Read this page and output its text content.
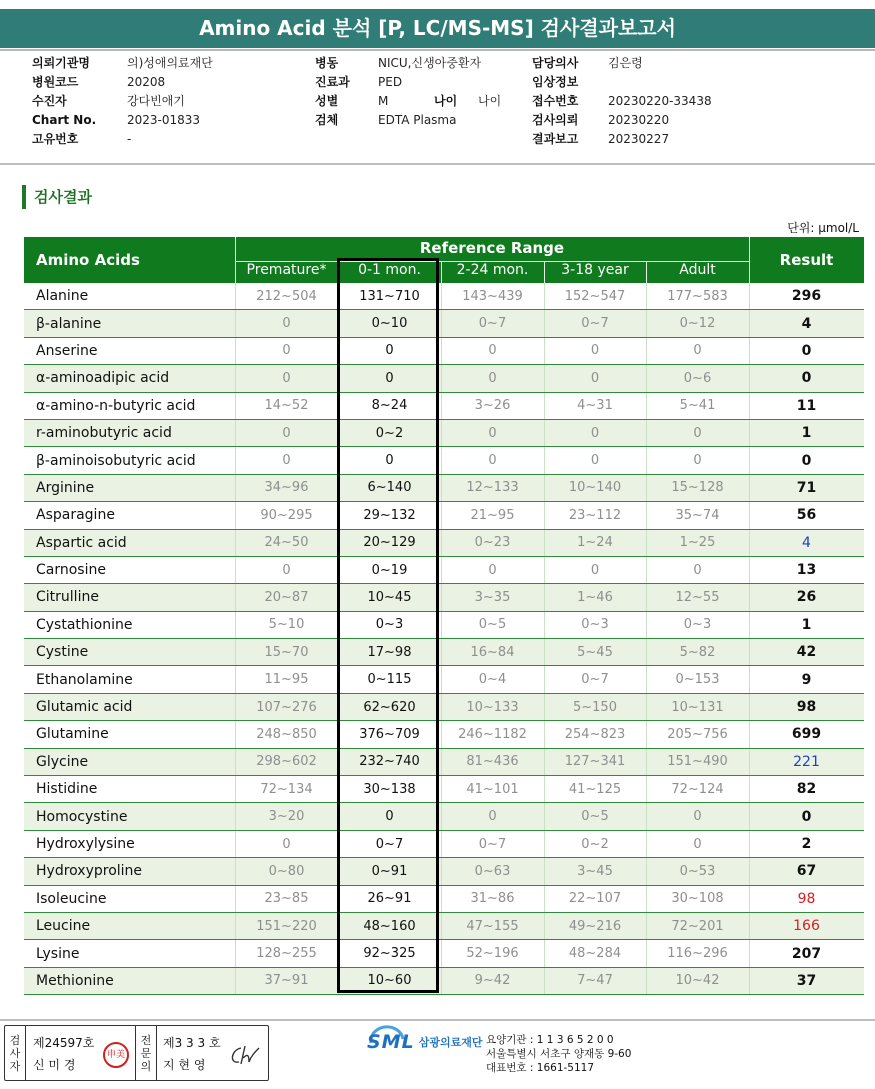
Amino Acid 분석 [P, LC/MS-MS] 검사결과보고서
의뢰기관명	의)성애의료재단
병원코드	20208
수진자	강다빈애기
Chart No.	2023-01833
고유번호	-
병동	NICU,신생아중환자
진료과 PED
성별	M	나이 나이
검체	EDTA Plasma
담당의사 김은령
임상정보
접수번호 20230220-33438
검사의뢰 20230220
결과보고 20230227
검사결과
단위: μmol/L
Amino Acids
Reference Range
Premature*	0-1 mon.	2-24 mon.	3-18 year	Adult
Result
Alanine	212~504	131~710	143~439	152~547	177~583	296
β-alanine	0	0~10	0~7	0~7	0~12	4
Anserine	0	0	0	0	0	0
α-aminoadipic acid	0	0	0	0	0~6	0
α-amino-n-butyric acid	14~52	8~24	3~26	4~31	5~41	11
r-aminobutyric acid	0	0~2	0	0	0	1
β-aminoisobutyric acid	0	0	0	0	0	0
Arginine	34~96	6~140	12~133	10~140	15~128	71
Asparagine	90~295	29~132	21~95	23~112	35~74	56
Aspartic acid	24~50	20~129	0~23	1~24	1~25	4
Carnosine	0	0~19	0	0	0	13
Citrulline	20~87	10~45	3~35	1~46	12~55	26
Cystathionine	5~10	0~3	0~5	0~3	0~3	1
Cystine	15~70	17~98	16~84	5~45	5~82	42
Ethanolamine	11~95	0~115	0~4	0~7	0~153	9
Glutamic acid	107~276	62~620	10~133	5~150	10~131	98
Glutamine	248~850	376~709	246~1182	254~823	205~756	699
Glycine	298~602	232~740	81~436	127~341	151~490	221
Histidine	72~134	30~138	41~101	41~125	72~124	82
Homocystine	3~20	0	0	0~5	0	0
Hydroxylysine	0	0~7	0~7	0~2	0	2
Hydroxyproline	0~80	0~91	0~63	3~45	0~53	67
Isoleucine	23~85	26~91	31~86	22~107	30~108	98
Leucine	151~220	48~160	47~155	49~216	72~201	166
Lysine	128~255	92~325	52~196	48~284	116~296	207
Methionine	37~91	10~60	9~42	7~47	10~42	37
검
사
자
제24597호
신 미 경
申美
전
문
의
제3 3 3 호
지 현 영
SML 삼광의료재단 요양기관 : 1 1 3 6 5 2 0 0
서울특별시 서초구 양재동 9-60
대표번호 : 1661-5117
